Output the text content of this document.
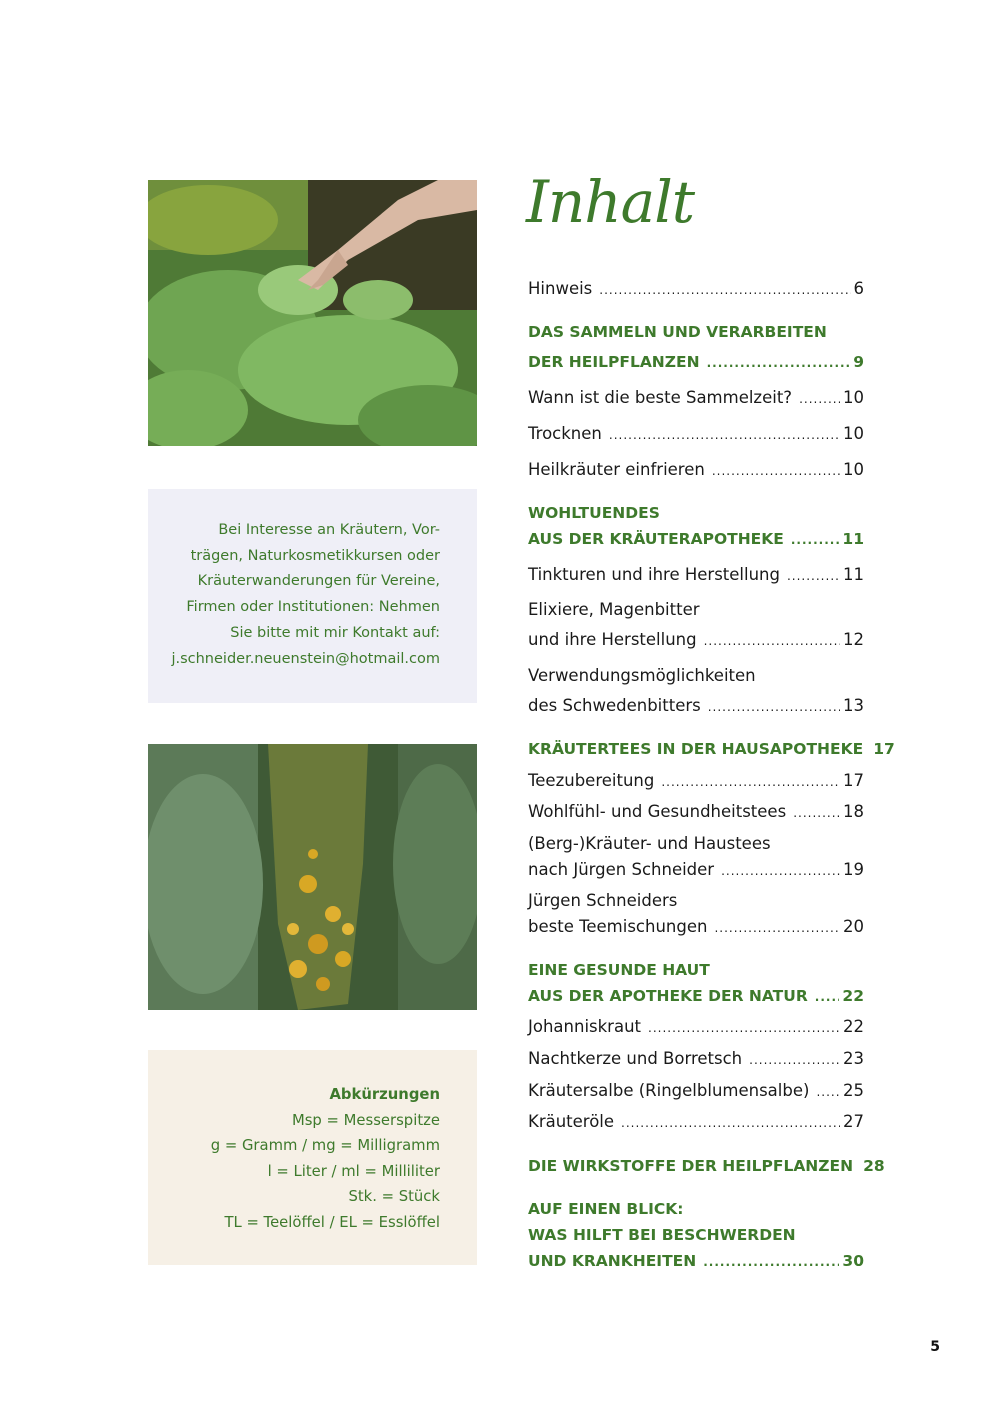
Bei Interesse an Kräutern, Vor-

trägen, Naturkosmetikkursen oder

Kräuterwanderungen für Vereine,

Firmen oder Institutionen: Nehmen

Sie bitte mit mir Kontakt auf:

j.schneider.neuenstein@hotmail.com

Abkürzungen
Msp = Messerspitze
g = Gramm / mg = Milligramm
l = Liter / ml = Milliliter
Stk. = Stück
TL = Teelöffel / EL = Esslöffel
Inhalt
Hinweis .....	6
DAS SAMMELN UND VERARBEITEN
DER HEILPFLANZEN .....	9
Wann ist die beste Sammelzeit? .....	10
Trocknen .....	10
Heilkräuter einfrieren .....	10
WOHLTUENDES
AUS DER KRÄUTERAPOTHEKE .....	11
Tinkturen und ihre Herstellung .....	11
Elixiere, Magenbitter
und ihre Herstellung .....	12
Verwendungsmöglichkeiten
des Schwedenbitters .....	13
KRÄUTERTEES IN DER HAUSAPOTHEKE 17
Teezubereitung .....	17
Wohlfühl- und Gesundheitstees .....	18
(Berg-)Kräuter- und Haustees
nach Jürgen Schneider .....	19
Jürgen Schneiders
beste Teemischungen .....	20
EINE GESUNDE HAUT
AUS DER APOTHEKE DER NATUR ..... 22
Johanniskraut .....	22
Nachtkerze und Borretsch .....	23
Kräutersalbe (Ringelblumensalbe) ..... 25
Kräuteröle .....	27
DIE WIRKSTOFFE DER HEILPFLANZEN 28
AUF EINEN BLICK:
WAS HILFT BEI BESCHWERDEN
UND KRANKHEITEN .....	30
5
